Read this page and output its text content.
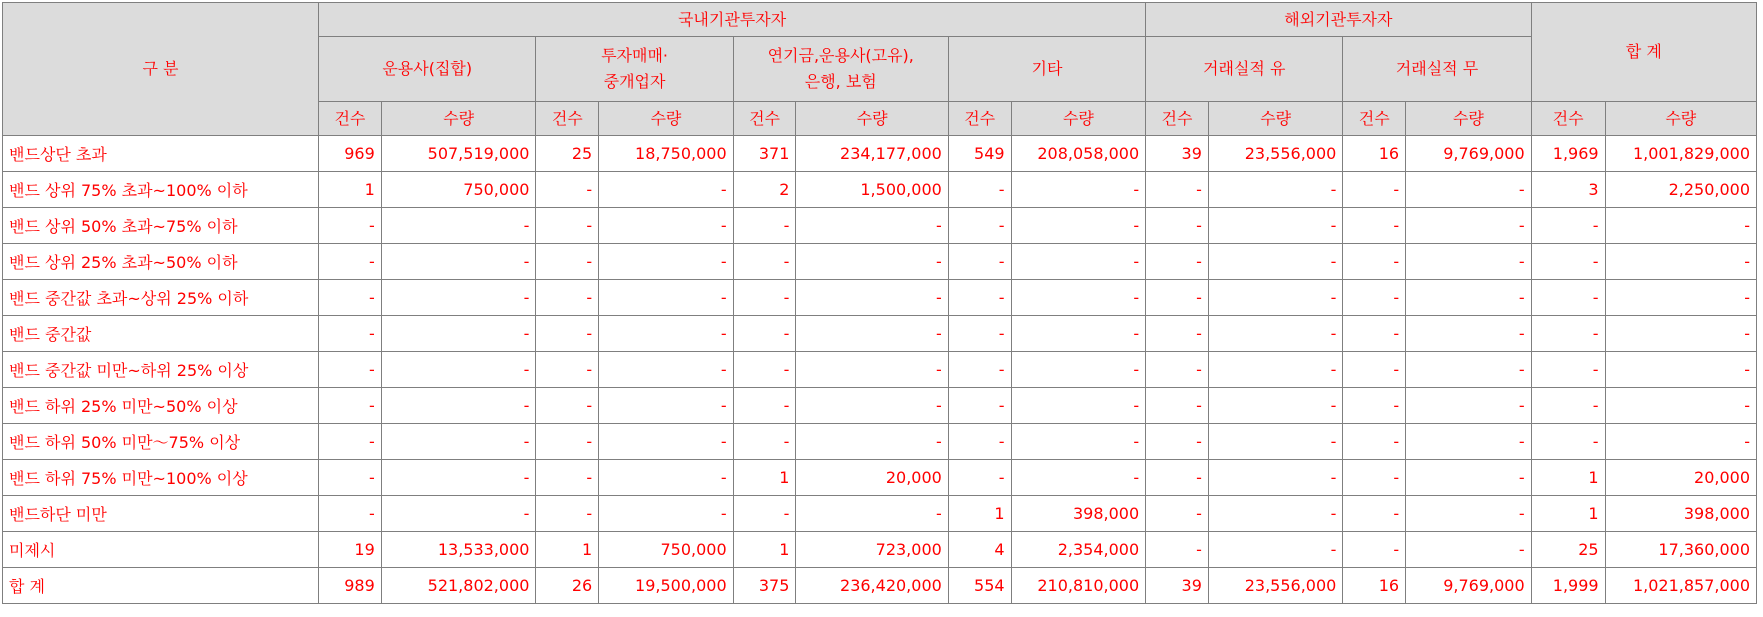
구 분	국내기관투자자								해외기관투자자				합 계	
	운용사(집합)		투자매매·
중개업자		연기금,운용사(고유),
은행, 보험		기타		거래실적 유		거래실적 무			
	건수	수량	건수	수량	건수	수량	건수	수량	건수	수량	건수	수량	건수	수량
밴드상단 초과	969	507,519,000	25	18,750,000	371	234,177,000	549	208,058,000	39	23,556,000	16	9,769,000	1,969	1,001,829,000
밴드 상위 75% 초과~100% 이하	1	750,000	-	-	2	1,500,000	-	-	-	-	-	-	3	2,250,000
밴드 상위 50% 초과~75% 이하	-	-	-	-	-	-	-	-	-	-	-	-	-	-
밴드 상위 25% 초과~50% 이하	-	-	-	-	-	-	-	-	-	-	-	-	-	-
밴드 중간값 초과~상위 25% 이하	-	-	-	-	-	-	-	-	-	-	-	-	-	-
밴드 중간값	-	-	-	-	-	-	-	-	-	-	-	-	-	-
밴드 중간값 미만~하위 25% 이상	-	-	-	-	-	-	-	-	-	-	-	-	-	-
밴드 하위 25% 미만~50% 이상	-	-	-	-	-	-	-	-	-	-	-	-	-	-
밴드 하위 50% 미만～75% 이상	-	-	-	-	-	-	-	-	-	-	-	-	-	-
밴드 하위 75% 미만~100% 이상	-	-	-	-	1	20,000	-	-	-	-	-	-	1	20,000
밴드하단 미만	-	-	-	-	-	-	1	398,000	-	-	-	-	1	398,000
미제시	19	13,533,000	1	750,000	1	723,000	4	2,354,000	-	-	-	-	25	17,360,000
합 계	989	521,802,000	26	19,500,000	375	236,420,000	554	210,810,000	39	23,556,000	16	9,769,000	1,999	1,021,857,000
